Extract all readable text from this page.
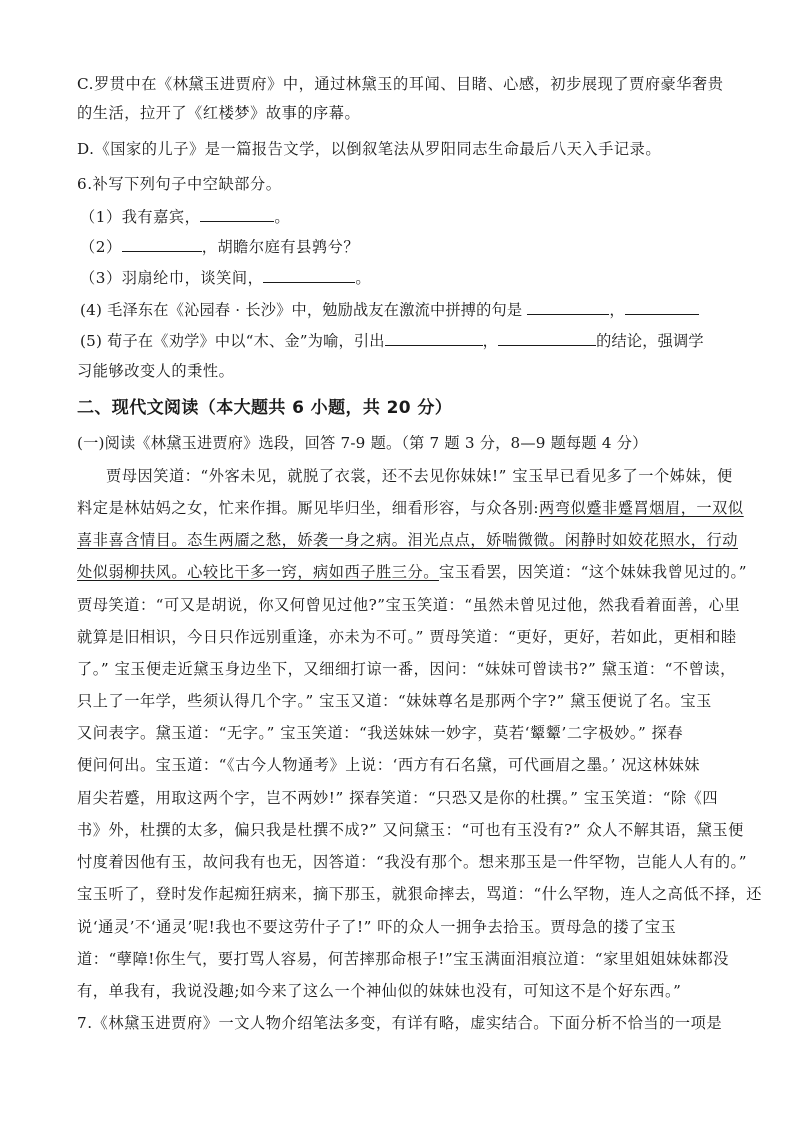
C.罗贯中在《林黛玉进贾府》中，通过林黛玉的耳闻、目睹、心感，初步展现了贾府豪华奢贵
的生活，拉开了《红楼梦》故事的序幕。
D.《国家的儿子》是一篇报告文学，以倒叙笔法从罗阳同志生命最后八天入手记录。
6.补写下列句子中空缺部分。
（1）我有嘉宾，	。
（2）	，胡瞻尔庭有县鹑兮？
（3）羽扇纶巾，谈笑间，	。
(4) 毛泽东在《沁园春 · 长沙》中，勉励战友在激流中拼搏的句是	，
(5) 荀子在《劝学》中以“木、金”为喻，引出	，	的结论，强调学
习能够改变人的秉性。
二、现代文阅读（本大题共 6 小题，共 20 分）
(一)阅读《林黛玉进贾府》选段，回答 7-9 题。（第 7 题 3 分，8—9 题每题 4 分）
贾母因笑道：“外客未见，就脱了衣裳，还不去见你妹妹!” 宝玉早已看见多了一个姊妹，便
料定是林姑妈之女，忙来作揖。厮见毕归坐，细看形容，与众各别:两弯似蹙非蹙罥烟眉，一双似
喜非喜含情目。态生两靥之愁，娇袭一身之病。泪光点点，娇喘微微。闲静时如姣花照水，行动
处似弱柳扶风。心较比干多一窍，病如西子胜三分。宝玉看罢，因笑道：“这个妹妹我曾见过的。”
贾母笑道：“可又是胡说，你又何曾见过他?”宝玉笑道：“虽然未曾见过他，然我看着面善，心里
就算是旧相识，今日只作远别重逢，亦未为不可。” 贾母笑道：“更好，更好，若如此，更相和睦
了。” 宝玉便走近黛玉身边坐下，又细细打谅一番，因问：“妹妹可曾读书?” 黛玉道：“不曾读，
只上了一年学，些须认得几个字。” 宝玉又道：“妹妹尊名是那两个字?” 黛玉便说了名。宝玉
又问表字。黛玉道：“无字。” 宝玉笑道：“我送妹妹一妙字，莫若‘颦颦’二字极妙。” 探春
便问何出。宝玉道：“《古今人物通考》上说：‘西方有石名黛，可代画眉之墨。’ 况这林妹妹
眉尖若蹙，用取这两个字，岂不两妙!” 探春笑道：“只恐又是你的杜撰。” 宝玉笑道：“除《四
书》外，杜撰的太多，偏只我是杜撰不成?” 又问黛玉：“可也有玉没有?” 众人不解其语，黛玉便
忖度着因他有玉，故问我有也无，因答道：“我没有那个。想来那玉是一件罕物，岂能人人有的。”
宝玉听了，登时发作起痴狂病来，摘下那玉，就狠命摔去，骂道：“什么罕物，连人之高低不择，还
说‘通灵’不‘通灵’呢!我也不要这劳什子了!” 吓的众人一拥争去拾玉。贾母急的搂了宝玉
道：“孽障!你生气，要打骂人容易，何苦摔那命根子!”宝玉满面泪痕泣道：“家里姐姐妹妹都没
有，单我有，我说没趣;如今来了这么一个神仙似的妹妹也没有，可知这不是个好东西。”
7.《林黛玉进贾府》一文人物介绍笔法多变，有详有略，虚实结合。下面分析不恰当的一项是
